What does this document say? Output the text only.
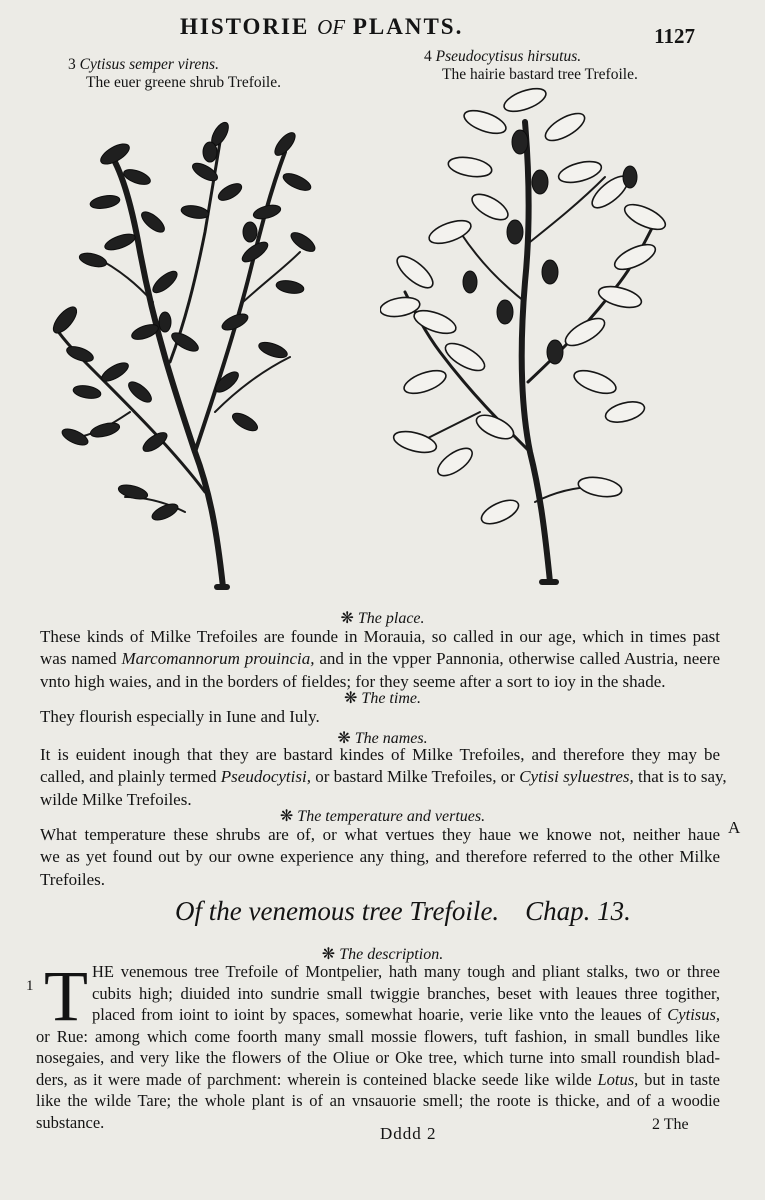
HISTORIE OF PLANTS.	1127
3 Cytisus semper virens.
The euer greene shrub Trefoile.
4 Pseudocytisus hirsutus.
The hairie bastard tree Trefoile.
❋ The place.
These kinds of Milke Trefoiles are founde in Morauia, so called in our age, which in times past
was named Marcomannorum prouincia, and in the vpper Pannonia, otherwise called Austria, neere
vnto high waies, and in the borders of fieldes; for they seeme after a sort to ioy in the shade.
❋ The time.
They flourish especially in Iune and Iuly.
❋ The names.
It is euident inough that they are bastard kindes of Milke Trefoiles, and therefore they may be
called, and plainly termed Pseudocytisi, or bastard Milke Trefoiles, or Cytisi syluestres, that is to say,
wilde Milke Trefoiles.
❋ The temperature and vertues.
What temperature these shrubs are of, or what vertues they haue we knowe not, neither haue
we as yet found out by our owne experience any thing, and therefore referred to the other Milke
Trefoiles.
A
Of the venemous tree Trefoile. Chap. 13.
❋ The description.
1 T HE venemous tree Trefoile of Montpelier, hath many tough and pliant stalks, two or three
cubits high; diuided into sundrie small twiggie branches, beset with leaues three togither,
placed from ioint to ioint by spaces, somewhat hoarie, verie like vnto the leaues of Cytisus,
or Rue: among which come foorth many small mossie flowers, tuft fashion, in small bundles like
nosegaies, and very like the flowers of the Oliue or Oke tree, which turne into small roundish blad-
ders, as it were made of parchment: wherein is conteined blacke seede like wilde Lotus, but in taste
like the wilde Tare; the whole plant is of an vnsauorie smell; the roote is thicke, and of a woodie
substance.
Dddd 2	2 The
